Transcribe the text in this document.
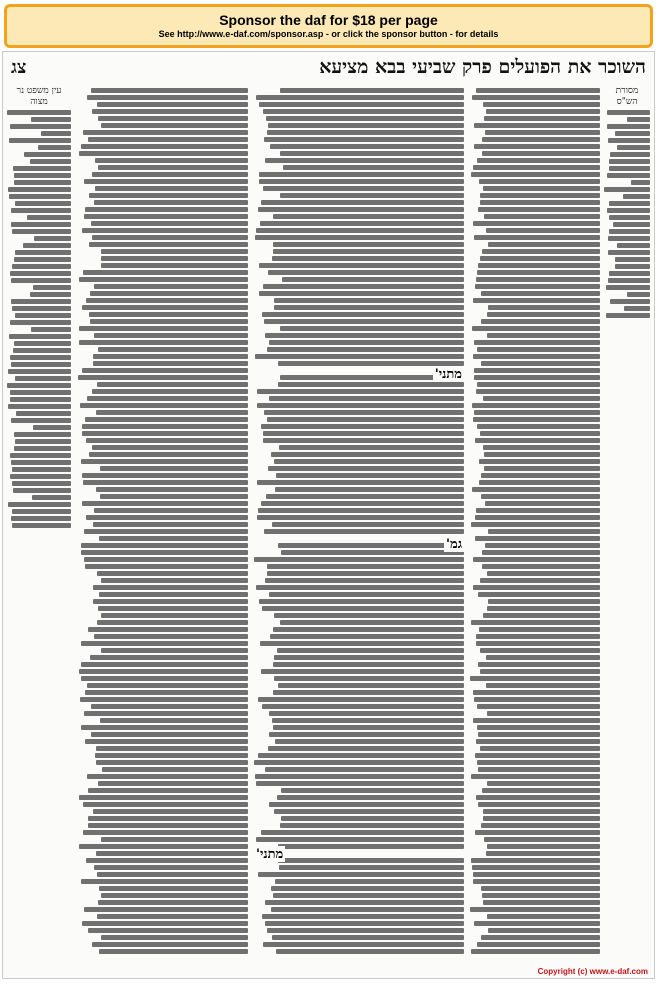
Sponsor the daf for $18 per page
See http://www.e-daf.com/sponsor.asp - or click the sponsor button - for details
השוכר את הפועלים פרק שביעי בבא מציעא
צג
מסורת הש"ס
מתני'
גמ'
מתני'
עין משפט נר מצוה
Copyright (c) www.e-daf.com
